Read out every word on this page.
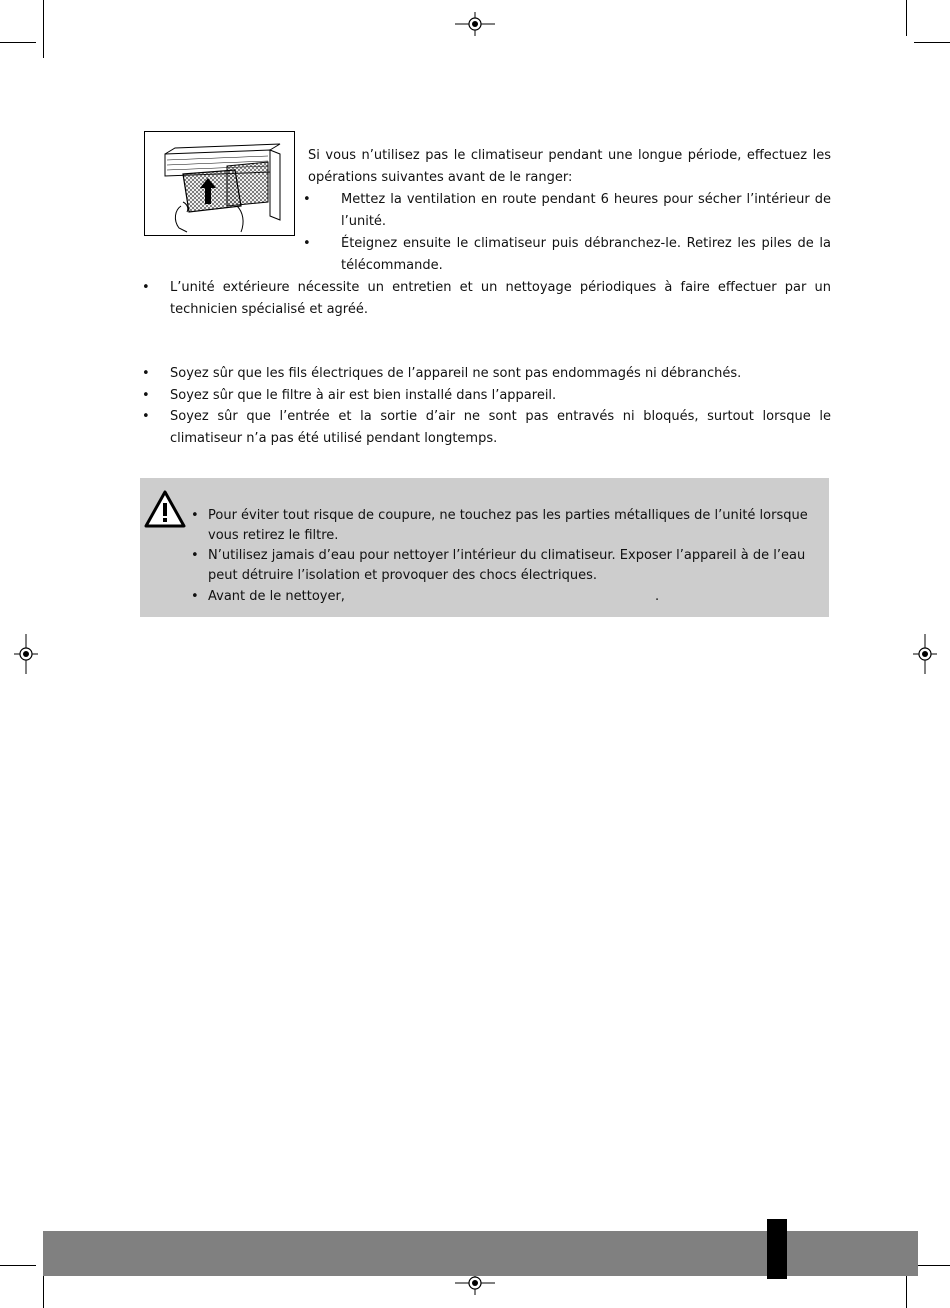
Si vous n’utilisez pas le climatiseur pendant une longue période, effectuez les opérations suivantes avant de le ranger:

• Mettez la ventilation en route pendant 6 heures pour sécher l’intérieur de l’unité.

• Éteignez ensuite le climatiseur puis débranchez-le. Retirez les piles de la télécommande.

• L’unité extérieure nécessite un entretien et un nettoyage périodiques à faire effectuer par un technicien spécialisé et agréé.

• Soyez sûr que les fils électriques de l’appareil ne sont pas endommagés ni débranchés.

• Soyez sûr que le filtre à air est bien installé dans l’appareil.

• Soyez sûr que l’entrée et la sortie d’air ne sont pas entravés ni bloqués, surtout lorsque le climatiseur n’a pas été utilisé pendant longtemps.

• Pour éviter tout risque de coupure, ne touchez pas les parties métalliques de l’unité lorsque vous retirez le filtre.

• N’utilisez jamais d’eau pour nettoyer l’intérieur du climatiseur. Exposer l’appareil à de l’eau peut détruire l’isolation et provoquer des chocs électriques.

• Avant de le nettoyer,	.
